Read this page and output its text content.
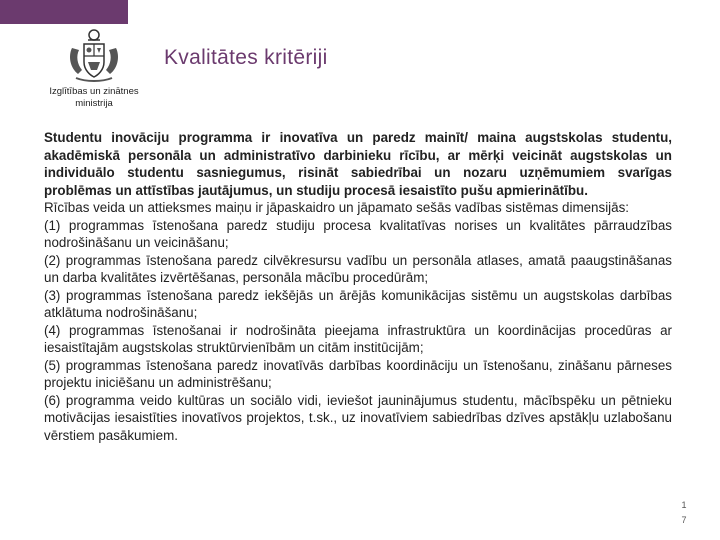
Izglītības un zinātnes
ministrija
Kvalitātes kritēriji

Studentu inovāciju programma ir inovatīva un paredz mainīt/ maina augstskolas studentu, akadēmiskā personāla un administratīvo darbinieku rīcību, ar mērķi veicināt augstskolas un individuālo studentu sasniegumus, risināt sabiedrībai un nozaru uzņēmumiem svarīgas problēmas un attīstības jautājumus, un studiju procesā iesaistīto pušu apmierinātību.

Rīcības veida un attieksmes maiņu ir jāpaskaidro un jāpamato sešās vadības sistēmas dimensijās:

(1) programmas īstenošana paredz studiju procesa kvalitatīvas norises un kvalitātes pārraudzības nodrošināšanu un veicināšanu;

(2) programmas īstenošana paredz cilvēkresursu vadību un personāla atlases, amatā paaugstināšanas un darba kvalitātes izvērtēšanas, personāla mācību procedūrām;

(3) programmas īstenošana paredz iekšējās un ārējās komunikācijas sistēmu un augstskolas darbības atklātuma nodrošināšanu;

(4) programmas īstenošanai ir nodrošināta pieejama infrastruktūra un koordinācijas procedūras ar iesaistītajām augstskolas struktūrvienībām un citām institūcijām;

(5) programmas īstenošana paredz inovatīvās darbības koordināciju un īstenošanu, zināšanu pārneses projektu iniciēšanu un administrēšanu;

(6) programma veido kultūras un sociālo vidi, ieviešot jauninājumus studentu, mācībspēku un pētnieku motivācijas iesaistīties inovatīvos projektos, t.sk., uz inovatīviem sabiedrības dzīves apstākļu uzlabošanu vērstiem pasākumiem.

1
7
